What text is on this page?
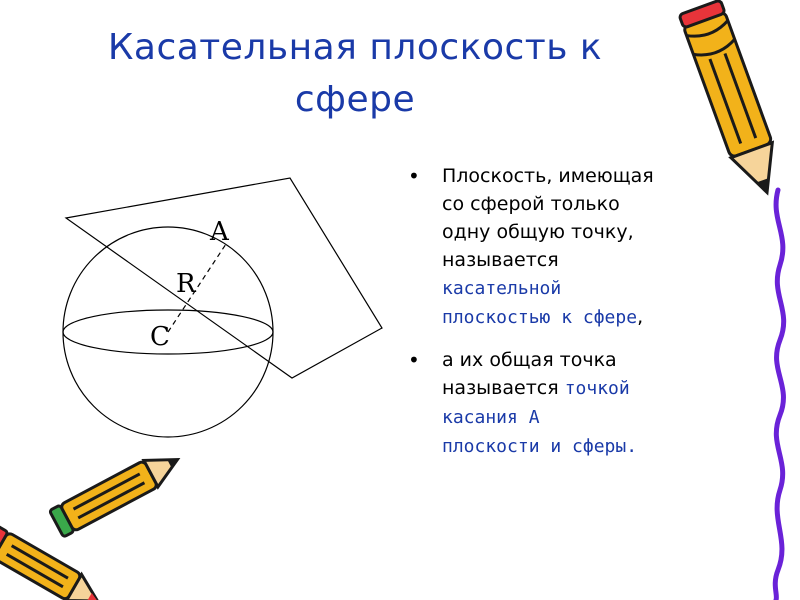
Касательная плоскость к
сфере
A
R
C
• Плоскость, имеющая
со сферой только
одну общую точку,
называется
касательной
плоскостью к сфере,
• а их общая точка
называется точкой
касания А
плоскости и сферы.
